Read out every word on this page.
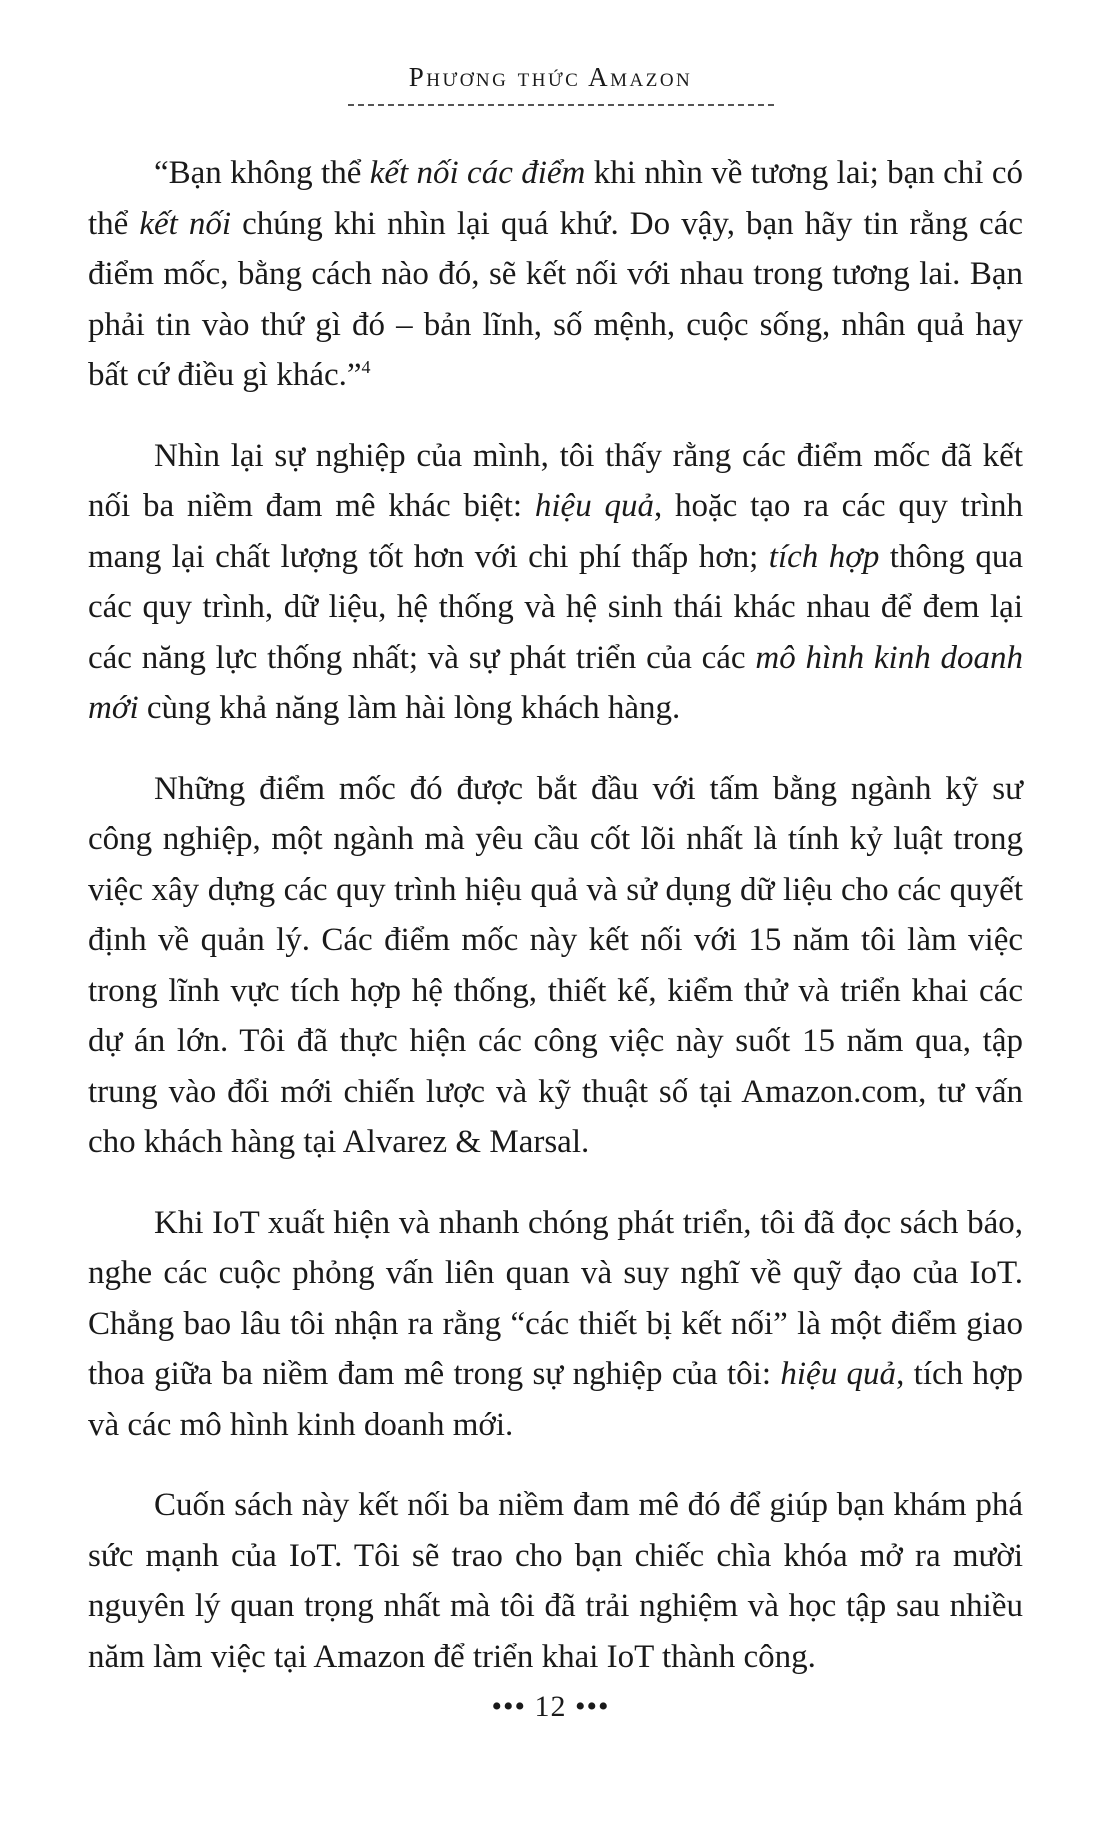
Phương thức Amazon

“Bạn không thể kết nối các điểm khi nhìn về tương lai; bạn chỉ có thể kết nối chúng khi nhìn lại quá khứ. Do vậy, bạn hãy tin rằng các điểm mốc, bằng cách nào đó, sẽ kết nối với nhau trong tương lai. Bạn phải tin vào thứ gì đó – bản lĩnh, số mệnh, cuộc sống, nhân quả hay bất cứ điều gì khác.”$^4$

Nhìn lại sự nghiệp của mình, tôi thấy rằng các điểm mốc đã kết nối ba niềm đam mê khác biệt: hiệu quả, hoặc tạo ra các quy trình mang lại chất lượng tốt hơn với chi phí thấp hơn; tích hợp thông qua các quy trình, dữ liệu, hệ thống và hệ sinh thái khác nhau để đem lại các năng lực thống nhất; và sự phát triển của các mô hình kinh doanh mới cùng khả năng làm hài lòng khách hàng.

Những điểm mốc đó được bắt đầu với tấm bằng ngành kỹ sư công nghiệp, một ngành mà yêu cầu cốt lõi nhất là tính kỷ luật trong việc xây dựng các quy trình hiệu quả và sử dụng dữ liệu cho các quyết định về quản lý. Các điểm mốc này kết nối với 15 năm tôi làm việc trong lĩnh vực tích hợp hệ thống, thiết kế, kiểm thử và triển khai các dự án lớn. Tôi đã thực hiện các công việc này suốt 15 năm qua, tập trung vào đổi mới chiến lược và kỹ thuật số tại Amazon.com, tư vấn cho khách hàng tại Alvarez & Marsal.

Khi IoT xuất hiện và nhanh chóng phát triển, tôi đã đọc sách báo, nghe các cuộc phỏng vấn liên quan và suy nghĩ về quỹ đạo của IoT. Chẳng bao lâu tôi nhận ra rằng “các thiết bị kết nối” là một điểm giao thoa giữa ba niềm đam mê trong sự nghiệp của tôi: hiệu quả, tích hợp và các mô hình kinh doanh mới.

Cuốn sách này kết nối ba niềm đam mê đó để giúp bạn khám phá sức mạnh của IoT. Tôi sẽ trao cho bạn chiếc chìa khóa mở ra mười nguyên lý quan trọng nhất mà tôi đã trải nghiệm và học tập sau nhiều năm làm việc tại Amazon để triển khai IoT thành công.

••• 12 •••
